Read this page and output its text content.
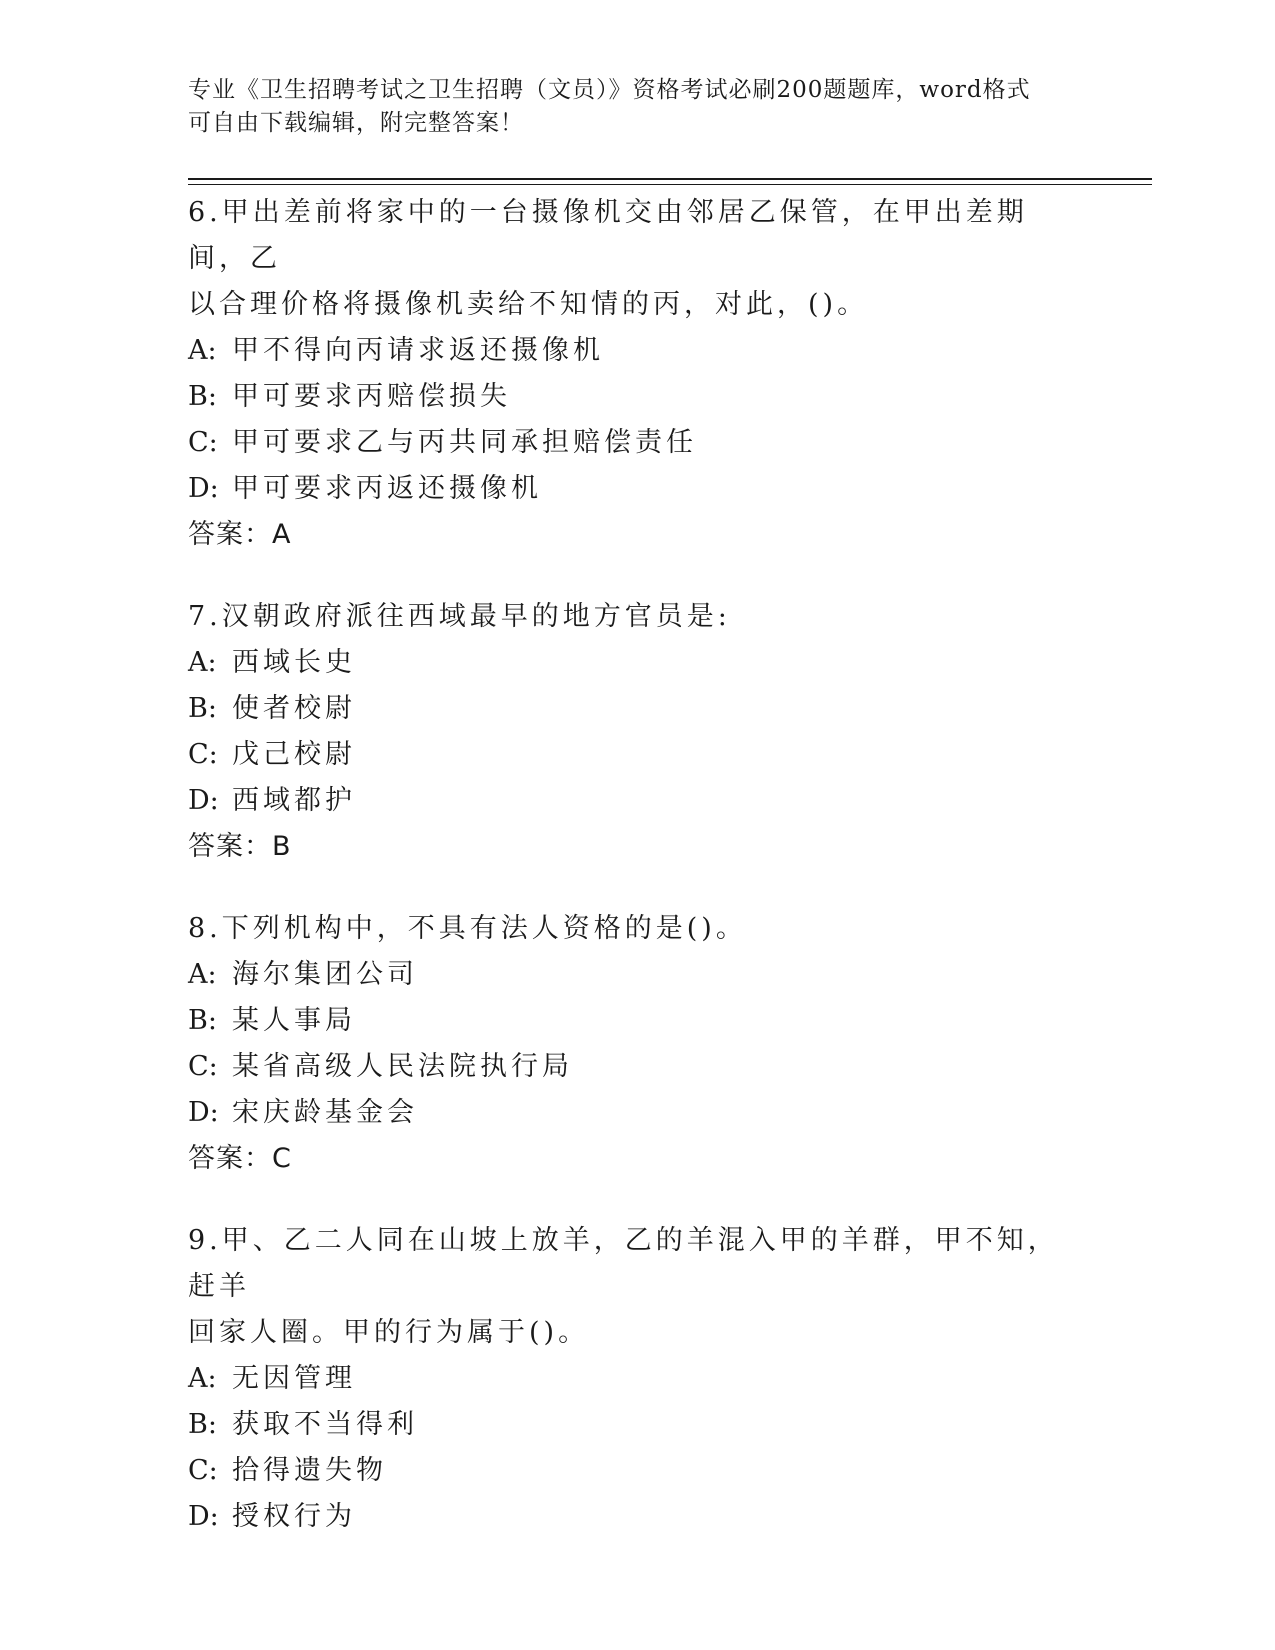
专业《卫生招聘考试之卫生招聘（文员）》资格考试必刷200题题库，word格式
可自由下载编辑，附完整答案！

6.甲出差前将家中的一台摄像机交由邻居乙保管，在甲出差期间，乙

以合理价格将摄像机卖给不知情的丙，对此，()。

A: 甲不得向丙请求返还摄像机

B: 甲可要求丙赔偿损失

C: 甲可要求乙与丙共同承担赔偿责任

D: 甲可要求丙返还摄像机

答案：A

7.汉朝政府派往西域最早的地方官员是:

A: 西域长史

B: 使者校尉

C: 戊己校尉

D: 西域都护

答案：B

8.下列机构中，不具有法人资格的是()。

A: 海尔集团公司

B: 某人事局

C: 某省高级人民法院执行局

D: 宋庆龄基金会

答案：C

9.甲、乙二人同在山坡上放羊，乙的羊混入甲的羊群，甲不知，赶羊

回家人圈。甲的行为属于()。

A: 无因管理

B: 获取不当得利

C: 拾得遗失物

D: 授权行为
